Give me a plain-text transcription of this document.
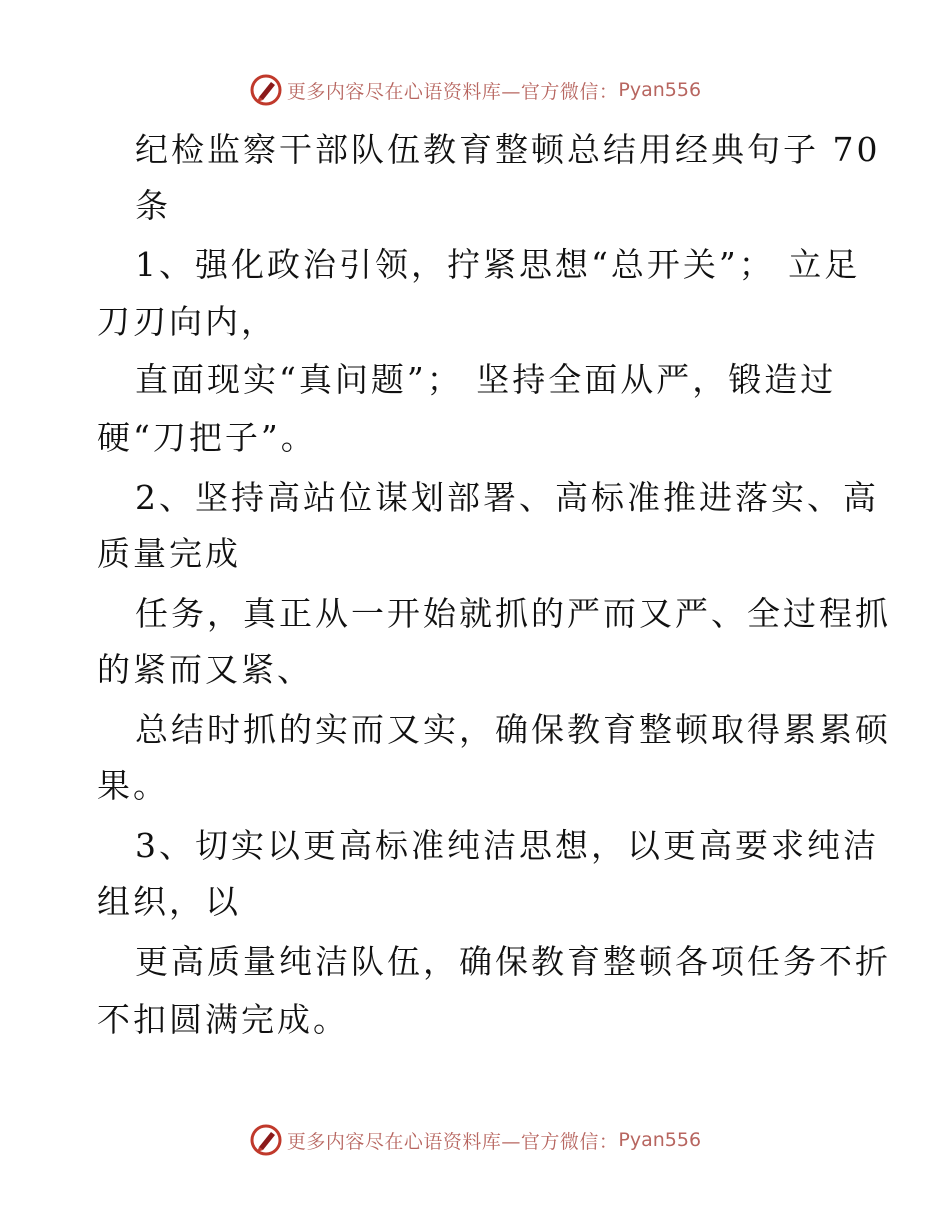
更多内容尽在心语资料库—官方微信： Pyan556
纪检监察干部队伍教育整顿总结用经典句子 70
条
1、强化政治引领，拧紧思想“总开关”； 立足
刀刃向内，
直面现实“真问题”； 坚持全面从严，锻造过
硬“刀把子”。
2、坚持高站位谋划部署、高标准推进落实、高
质量完成
任务，真正从一开始就抓的严而又严、全过程抓
的紧而又紧、
总结时抓的实而又实，确保教育整顿取得累累硕
果。
3、切实以更高标准纯洁思想，以更高要求纯洁
组织，以
更高质量纯洁队伍，确保教育整顿各项任务不折
不扣圆满完成。
更多内容尽在心语资料库—官方微信： Pyan556
